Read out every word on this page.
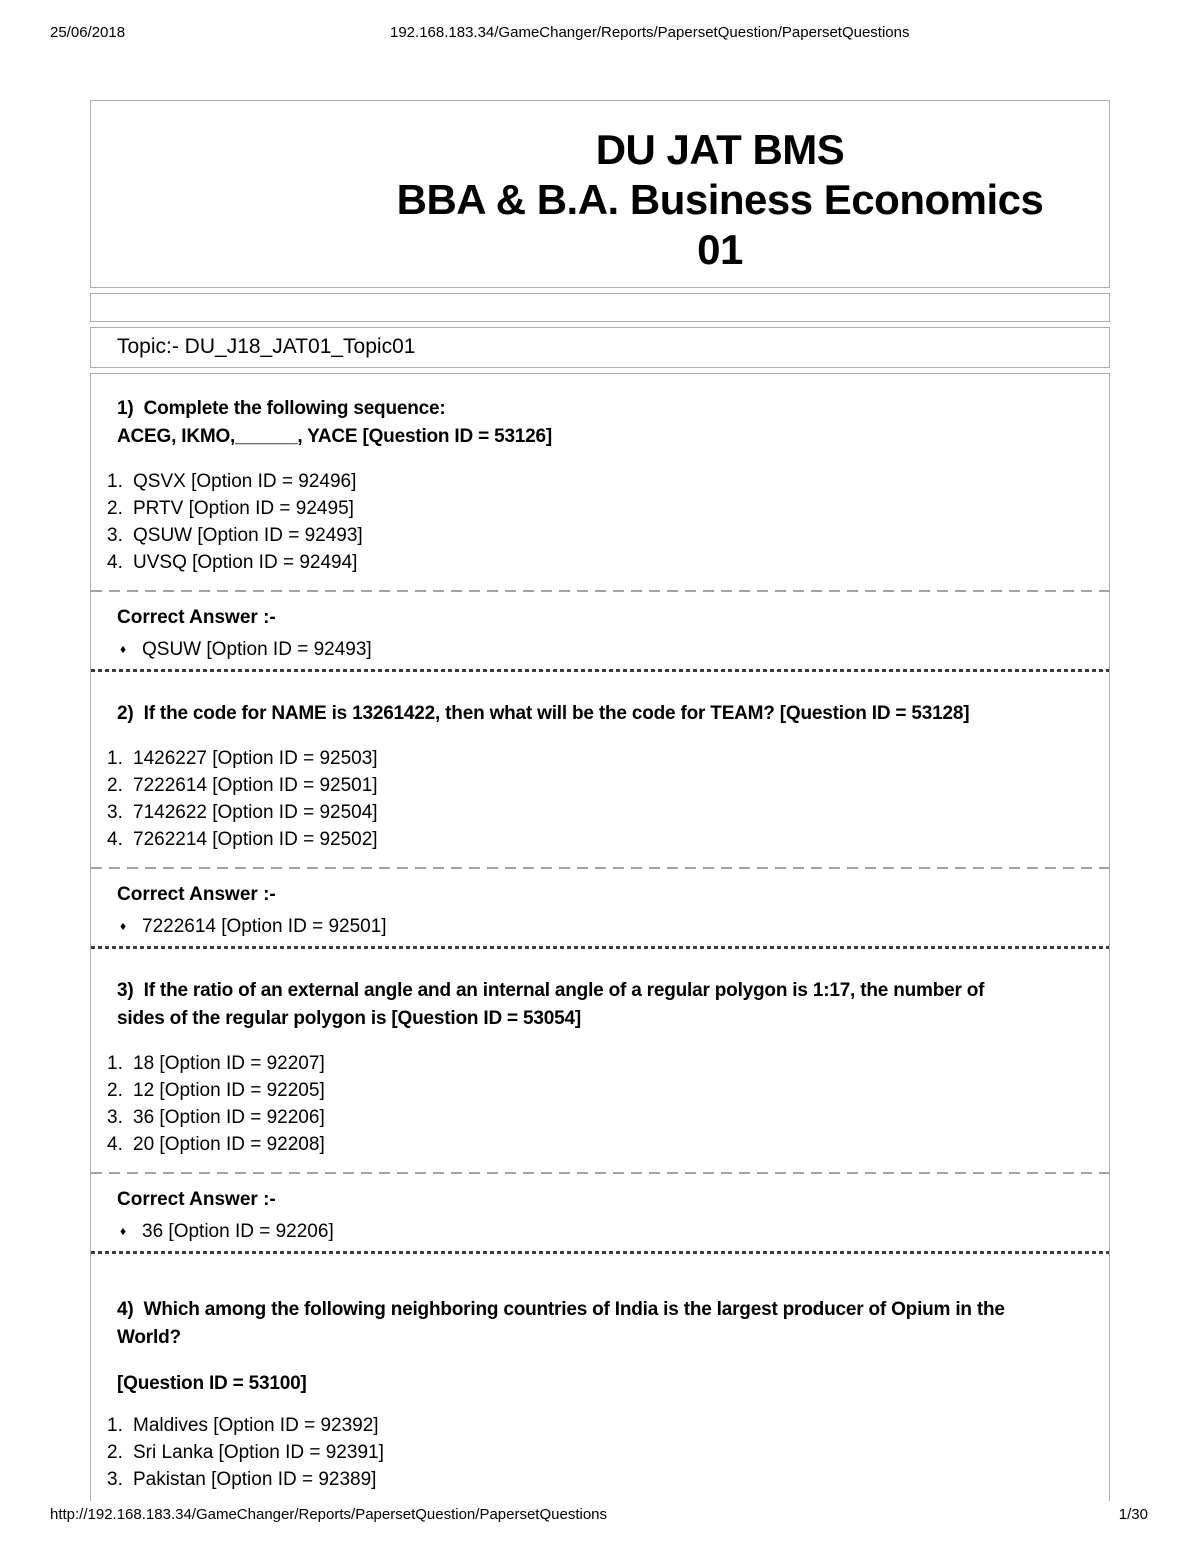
25/06/2018	192.168.183.34/GameChanger/Reports/PapersetQuestion/PapersetQuestions
DU JAT BMS
BBA & B.A. Business Economics
01
Topic:- DU_J18_JAT01_Topic01
1)  Complete the following sequence:
ACEG, IKMO,______, YACE [Question ID = 53126]
1. QSVX [Option ID = 92496]
2. PRTV [Option ID = 92495]
3. QSUW [Option ID = 92493]
4. UVSQ [Option ID = 92494]
Correct Answer :-
♦ QSUW [Option ID = 92493]
2)  If the code for NAME is 13261422, then what will be the code for TEAM? [Question ID = 53128]
1. 1426227 [Option ID = 92503]
2. 7222614 [Option ID = 92501]
3. 7142622 [Option ID = 92504]
4. 7262214 [Option ID = 92502]
Correct Answer :-
♦ 7222614 [Option ID = 92501]
3)  If the ratio of an external angle and an internal angle of a regular polygon is 1:17, the number of
sides of the regular polygon is [Question ID = 53054]
1. 18 [Option ID = 92207]
2. 12 [Option ID = 92205]
3. 36 [Option ID = 92206]
4. 20 [Option ID = 92208]
Correct Answer :-
♦ 36 [Option ID = 92206]
4)  Which among the following neighboring countries of India is the largest producer of Opium in the
World?
[Question ID = 53100]
1. Maldives [Option ID = 92392]
2. Sri Lanka [Option ID = 92391]
3. Pakistan [Option ID = 92389]
http://192.168.183.34/GameChanger/Reports/PapersetQuestion/PapersetQuestions	1/30
